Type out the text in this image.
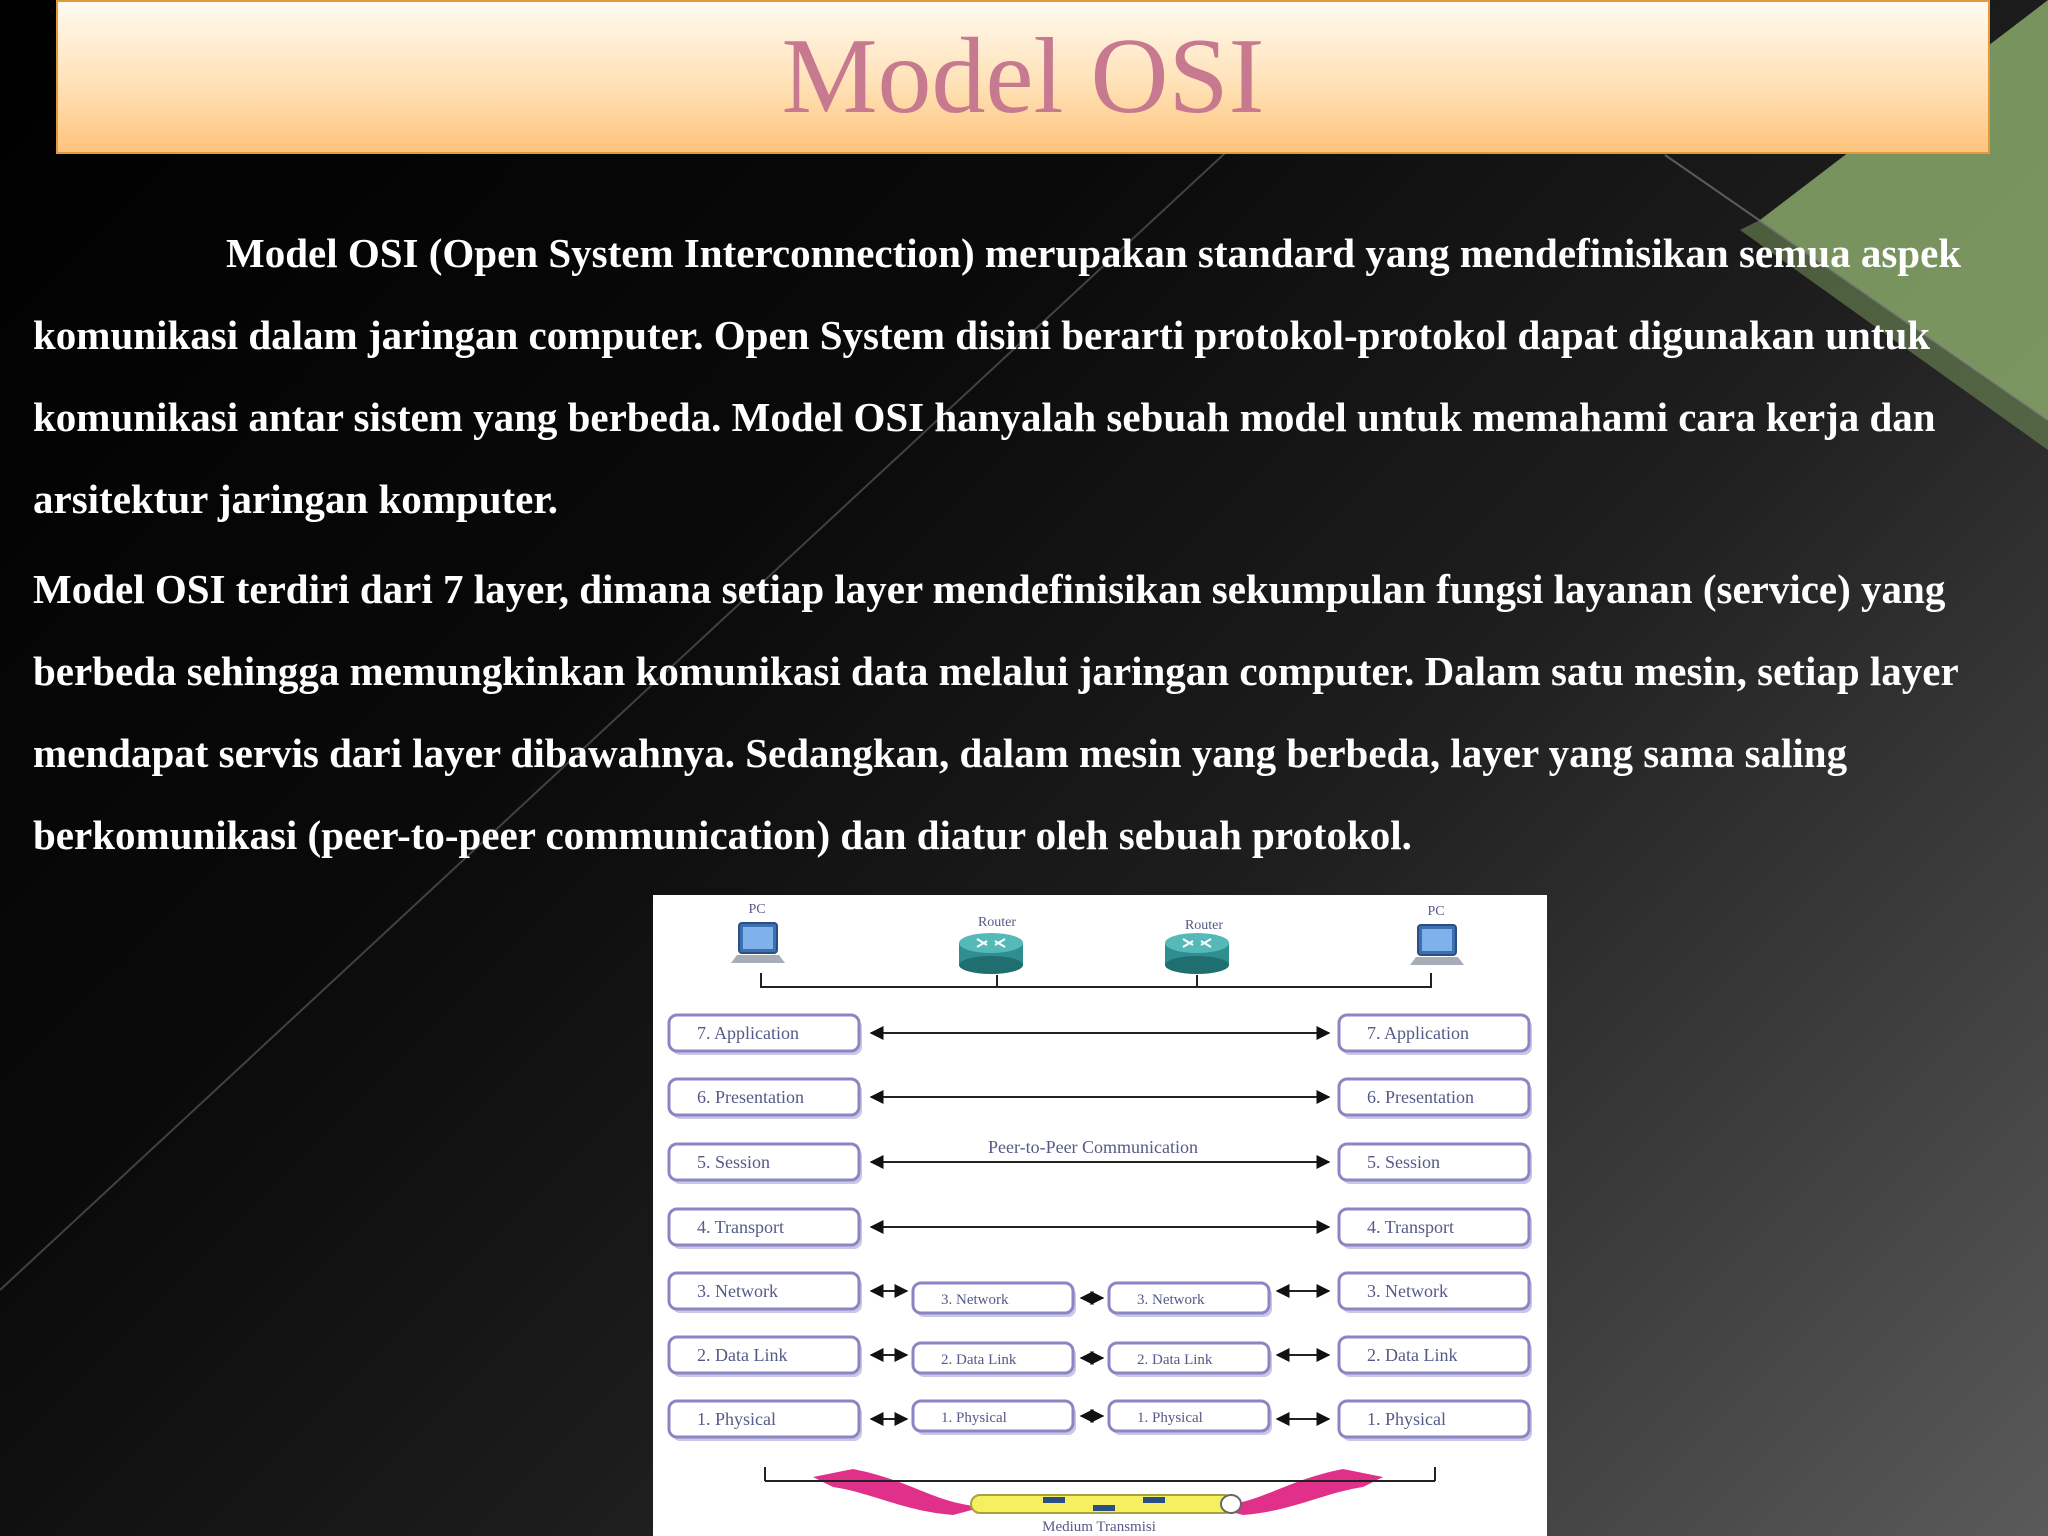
Model OSI

Model OSI (Open System Interconnection) merupakan standard yang mendefinisikan semua aspek komunikasi dalam jaringan computer. Open System disini berarti protokol-protokol dapat digunakan untuk komunikasi antar sistem yang berbeda. Model OSI hanyalah sebuah model untuk memahami cara kerja dan arsitektur jaringan komputer.

Model OSI terdiri dari 7 layer, dimana setiap layer mendefinisikan sekumpulan fungsi layanan (service) yang berbeda sehingga memungkinkan komunikasi data melalui jaringan computer. Dalam satu mesin, setiap layer mendapat servis dari layer dibawahnya. Sedangkan, dalam mesin yang berbeda, layer yang sama saling berkomunikasi (peer-to-peer communication) dan diatur oleh sebuah protokol.

PC
Router	Router
PC
7. Application	7. Application
6. Presentation	6. Presentation
5. Session	5. Session
4. Transport	4. Transport
3. Network	3. Network
3. Network	3. Network
2. Data Link	2. Data Link
2. Data Link	2. Data Link
1. Physical	1. Physical
1. Physical	1. Physical
Peer-to-Peer Communication
Medium Transmisi
